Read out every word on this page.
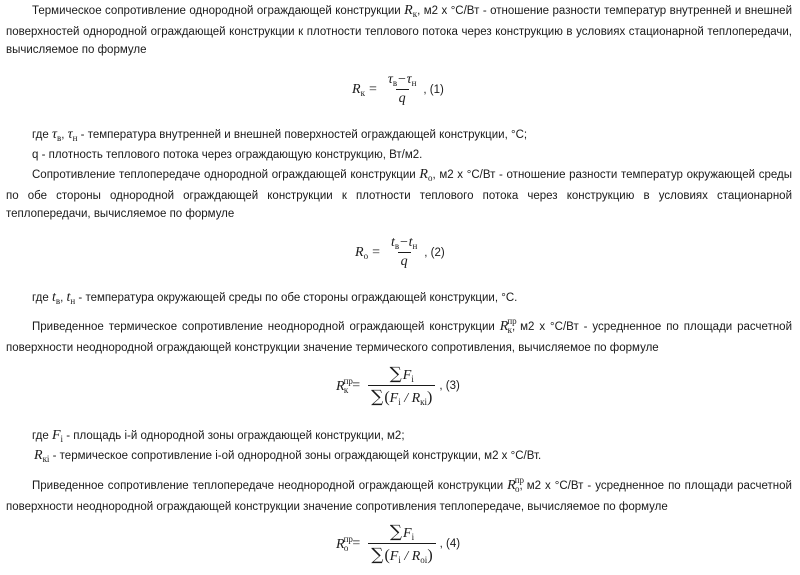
Термическое сопротивление однородной ограждающей конструкции $R_к$, м2 х °С/Вт - отношение разности температур внутренней и внешней поверхностей однородной ограждающей конструкции к плотности теплового потока через конструкцию в условиях стационарной теплопередачи, вычисляемое по формуле

$R_к = \frac{\tau_в-\tau_н}{q}$ , (1)

где $\tau_в$, $\tau_н$ - температура внутренней и внешней поверхностей ограждающей конструкции, °С;

q - плотность теплового потока через ограждающую конструкцию, Вт/м2.

Сопротивление теплопередаче однородной ограждающей конструкции $R_о$, м2 х °С/Вт - отношение разности температур окружающей среды по обе стороны однородной ограждающей конструкции к плотности теплового потока через конструкцию в условиях стационарной теплопередачи, вычисляемое по формуле

$R_о = \frac{t_в-t_н}{q}$ , (2)

где $t_в$, $t_н$ - температура окружающей среды по обе стороны ограждающей конструкции, °С.

Приведенное термическое сопротивление неоднородной ограждающей конструкции $R^{пр}_к$, м2 х °С/Вт - усредненное по площади расчетной поверхности неоднородной ограждающей конструкции значение термического сопротивления, вычисляемое по формуле

$R^{пр}_к = \frac{\sum F_i}{\sum(F_i / R_{кi})}$ , (3)

где $F_i$ - площадь i-й однородной зоны ограждающей конструкции, м2;

$R_{кi}$ - термическое сопротивление i-ой однородной зоны ограждающей конструкции, м2 х °С/Вт.

Приведенное сопротивление теплопередаче неоднородной ограждающей конструкции $R^{пр}_о$, м2 х °С/Вт - усредненное по площади расчетной поверхности неоднородной ограждающей конструкции значение сопротивления теплопередаче, вычисляемое по формуле

$R^{пр}_о = \frac{\sum F_i}{\sum(F_i / R_{оi})}$ , (4)
